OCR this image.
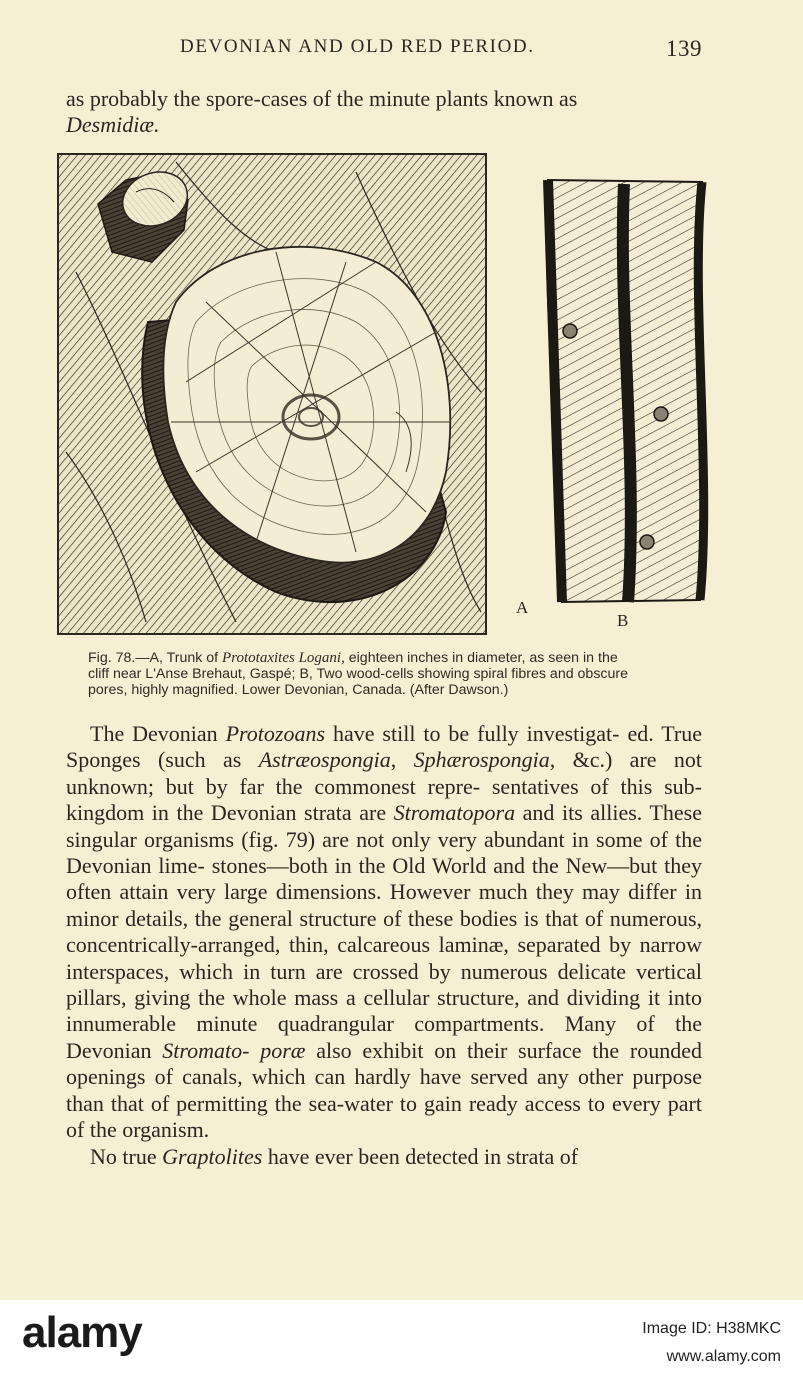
DEVONIAN AND OLD RED PERIOD.	139
as probably the spore-cases of the minute plants known as
Desmidiæ.
A
B
Fig. 78.—A, Trunk of Prototaxites Logani, eighteen inches in diameter, as seen in the
cliff near L'Anse Brehaut, Gaspé; B, Two wood-cells showing spiral fibres and obscure
pores, highly magnified. Lower Devonian, Canada. (After Dawson.)

The Devonian Protozoans have still to be fully investigat- ed. True Sponges (such as Astræospongia, Sphærospongia, &c.) are not unknown; but by far the commonest repre- sentatives of this sub-kingdom in the Devonian strata are Stromatopora and its allies. These singular organisms (fig. 79) are not only very abundant in some of the Devonian lime- stones—both in the Old World and the New—but they often attain very large dimensions. However much they may differ in minor details, the general structure of these bodies is that of numerous, concentrically-arranged, thin, calcareous laminæ, separated by narrow interspaces, which in turn are crossed by numerous delicate vertical pillars, giving the whole mass a cellular structure, and dividing it into innumerable minute quadrangular compartments. Many of the Devonian Stromato- poræ also exhibit on their surface the rounded openings of canals, which can hardly have served any other purpose than that of permitting the sea-water to gain ready access to every part of the organism.

No true Graptolites have ever been detected in strata of

alamy	Image ID: H38MKC
www.alamy.com
